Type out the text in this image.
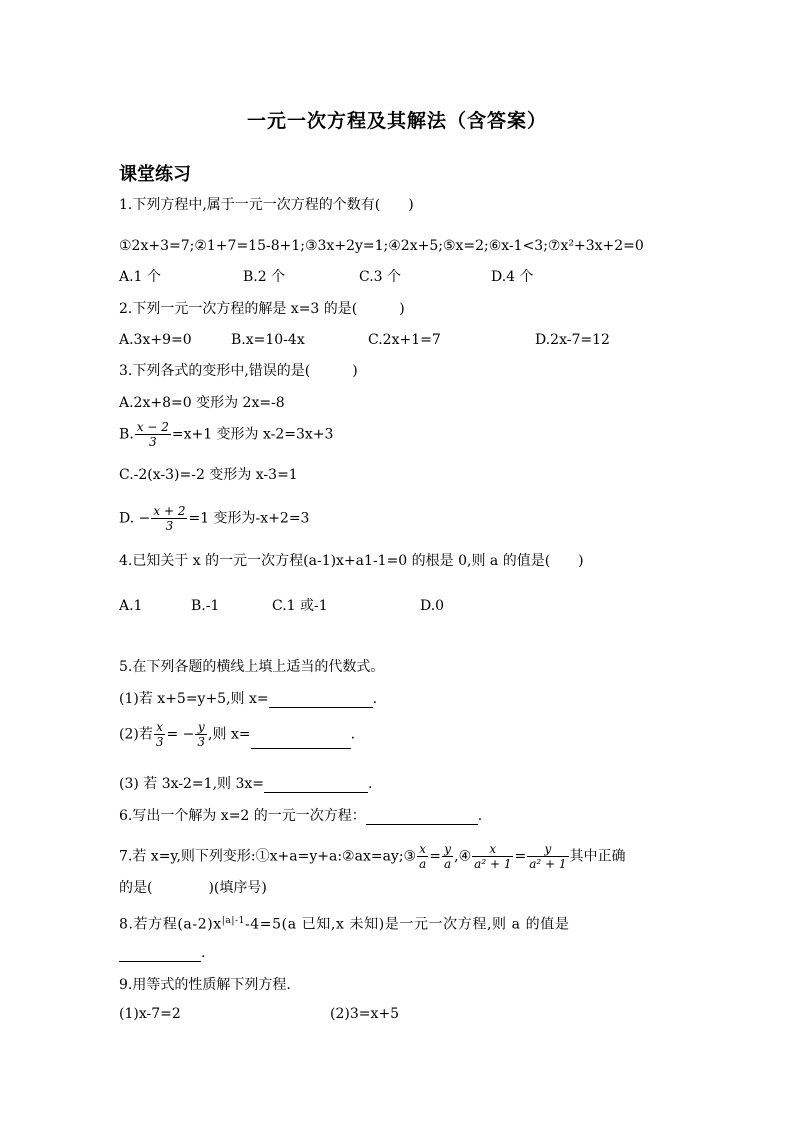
一元一次方程及其解法（含答案）
课堂练习
1.下列方程中,属于一元一次方程的个数有(　　)
①2x+3=7;②1+7=15-8+1;③3x+2y=1;④2x+5;⑤x=2;⑥x-1<3;⑦x²+3x+2=0
A.1 个	B.2 个	C.3 个	D.4 个
2.下列一元一次方程的解是 x=3 的是(　　　)
A.3x+9=0	B.x=10-4x	C.2x+1=7	D.2x-7=12
3.下列各式的变形中,错误的是(　　　)
A.2x+8=0 变形为 2x=-8
B. $\frac{x - 2}{3} =x+1$ 变形为 x-2=3x+3
C.-2(x-3)=-2 变形为 x-3=1
D. − $\frac{x + 2}{3} =1$ 变形为-x+2=3
4.已知关于 x 的一元一次方程(a-1)x+a1-1=0 的根是 0,则 a 的值是(　　)
A.1	B.-1	C.1 或-1	D.0
5.在下列各题的横线上填上适当的代数式。
(1)若 x+5=y+5,则 x=	.
(2)若 $\frac{x}{3}$ = − $\frac{y}{3}$ ,则 x=	.
(3) 若 3x-2=1,则 3x=	.
6.写出一个解为 x=2 的一元一次方程：	.
7.若 x=y,则下列变形:①x+a=y+a:②ax=ay;③ $\frac{x}{a} = \frac{y}{a}$ ,④ $\frac{x}{\text{a² + 1}} = \frac{y}{\text{a² + 1}}$ 其中正确
的是(　　　　)(填序号)
8.若方程$(a-2)x^{|a|-1}-4=5(a$ 已知,x 未知)是一元一次方程,则 a 的值是
.
9.用等式的性质解下列方程.
(1)x-7=2	(2)3=x+5
